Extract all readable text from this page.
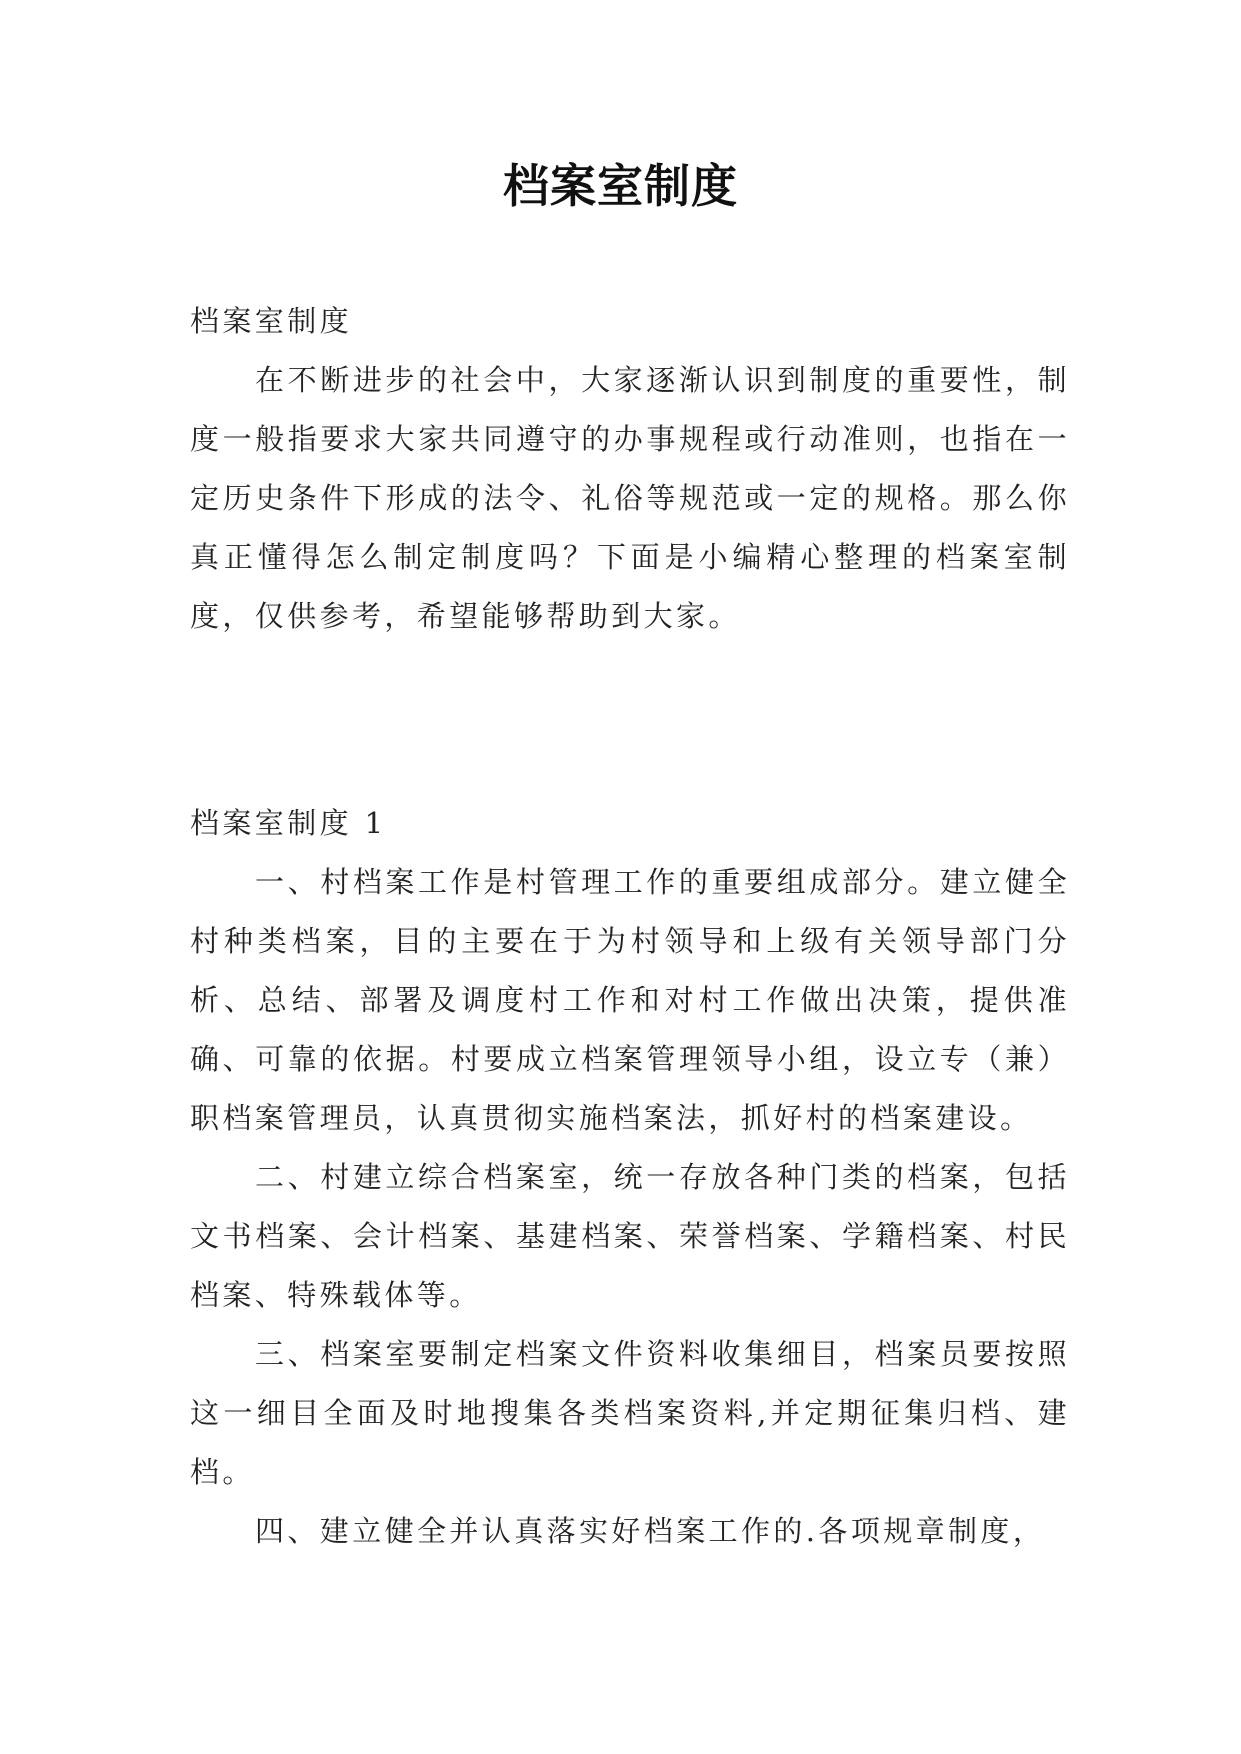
档案室制度

档案室制度

在不断进步的社会中，大家逐渐认识到制度的重要性，制度一般指要求大家共同遵守的办事规程或行动准则，也指在一定历史条件下形成的法令、礼俗等规范或一定的规格。那么你真正懂得怎么制定制度吗？下面是小编精心整理的档案室制度，仅供参考，希望能够帮助到大家。

档案室制度 1

一、村档案工作是村管理工作的重要组成部分。建立健全村种类档案，目的主要在于为村领导和上级有关领导部门分析、总结、部署及调度村工作和对村工作做出决策，提供准确、可靠的依据。村要成立档案管理领导小组，设立专（兼）职档案管理员，认真贯彻实施档案法，抓好村的档案建设。

二、村建立综合档案室，统一存放各种门类的档案，包括文书档案、会计档案、基建档案、荣誉档案、学籍档案、村民档案、特殊载体等。

三、档案室要制定档案文件资料收集细目，档案员要按照这一细目全面及时地搜集各类档案资料,并定期征集归档、建档。

四、建立健全并认真落实好档案工作的.各项规章制度，
